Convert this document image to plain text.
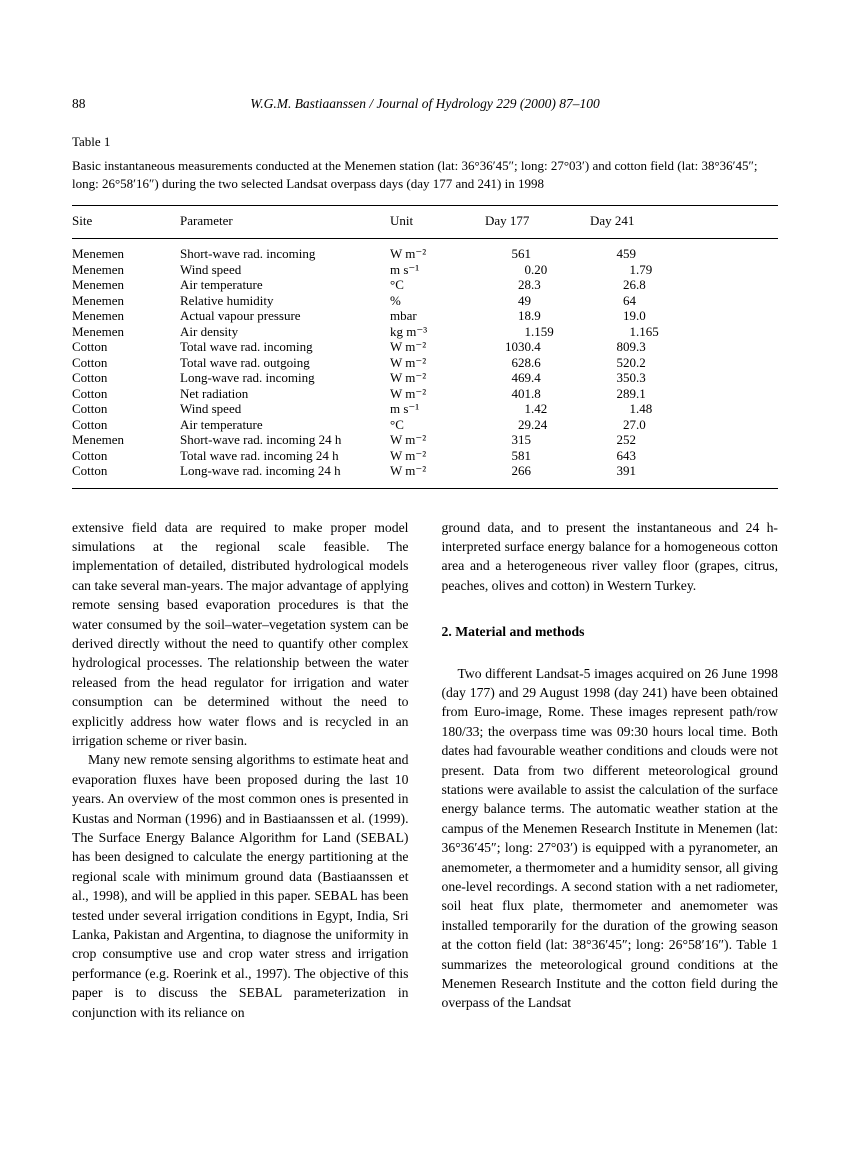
88	W.G.M. Bastiaanssen / Journal of Hydrology 229 (2000) 87–100
Table 1
Basic instantaneous measurements conducted at the Menemen station (lat: 36°36′45″; long: 27°03′) and cotton field (lat: 38°36′45″; long: 26°58′16″) during the two selected Landsat overpass days (day 177 and 241) in 1998
Site	Parameter	Unit	Day 177	Day 241
Menemen	Short-wave rad. incoming	W m⁻²	561	459
Menemen	Wind speed	m s⁻¹	0.20	1.79
Menemen	Air temperature	°C	28.3	26.8
Menemen	Relative humidity	%	49	64
Menemen	Actual vapour pressure	mbar	18.9	19.0
Menemen	Air density	kg m⁻³	1.159	1.165
Cotton	Total wave rad. incoming	W m⁻²	1030.4	809.3
Cotton	Total wave rad. outgoing	W m⁻²	628.6	520.2
Cotton	Long-wave rad. incoming	W m⁻²	469.4	350.3
Cotton	Net radiation	W m⁻²	401.8	289.1
Cotton	Wind speed	m s⁻¹	1.42	1.48
Cotton	Air temperature	°C	29.24	27.0
Menemen	Short-wave rad. incoming 24 h	W m⁻²	315	252
Cotton	Total wave rad. incoming 24 h	W m⁻²	581	643
Cotton	Long-wave rad. incoming 24 h	W m⁻²	266	391

extensive field data are required to make proper model simulations at the regional scale feasible. The implementation of detailed, distributed hydrological models can take several man-years. The major advantage of applying remote sensing based evaporation procedures is that the water consumed by the soil–water–vegetation system can be derived directly without the need to quantify other complex hydrological processes. The relationship between the water released from the head regulator for irrigation and water consumption can be determined without the need to explicitly address how water flows and is recycled in an irrigation scheme or river basin.

Many new remote sensing algorithms to estimate heat and evaporation fluxes have been proposed during the last 10 years. An overview of the most common ones is presented in Kustas and Norman (1996) and in Bastiaanssen et al. (1999). The Surface Energy Balance Algorithm for Land (SEBAL) has been designed to calculate the energy partitioning at the regional scale with minimum ground data (Bastiaanssen et al., 1998), and will be applied in this paper. SEBAL has been tested under several irrigation conditions in Egypt, India, Sri Lanka, Pakistan and Argentina, to diagnose the uniformity in crop consumptive use and crop water stress and irrigation performance (e.g. Roerink et al., 1997). The objective of this paper is to discuss the SEBAL parameterization in conjunction with its reliance on

ground data, and to present the instantaneous and 24 h-interpreted surface energy balance for a homogeneous cotton area and a heterogeneous river valley floor (grapes, citrus, peaches, olives and cotton) in Western Turkey.

2. Material and methods

Two different Landsat-5 images acquired on 26 June 1998 (day 177) and 29 August 1998 (day 241) have been obtained from Euro-image, Rome. These images represent path/row 180/33; the overpass time was 09:30 hours local time. Both dates had favourable weather conditions and clouds were not present. Data from two different meteorological ground stations were available to assist the calculation of the surface energy balance terms. The automatic weather station at the campus of the Menemen Research Institute in Menemen (lat: 36°36′45″; long: 27°03′) is equipped with a pyranometer, an anemometer, a thermometer and a humidity sensor, all giving one-level recordings. A second station with a net radiometer, soil heat flux plate, thermometer and anemometer was installed temporarily for the duration of the growing season at the cotton field (lat: 38°36′45″; long: 26°58′16″). Table 1 summarizes the meteorological ground conditions at the Menemen Research Institute and the cotton field during the overpass of the Landsat
